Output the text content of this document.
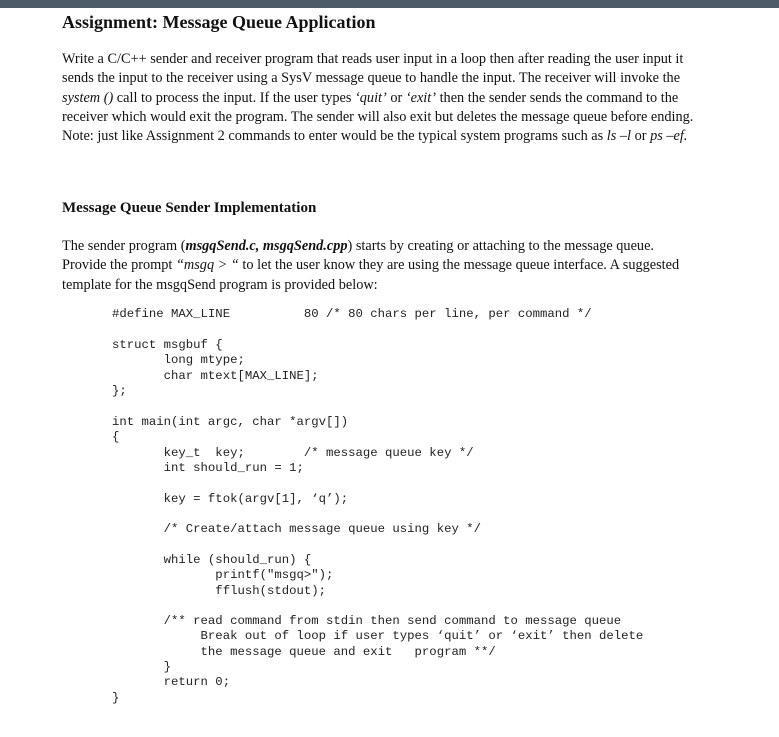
Assignment: Message Queue Application

Write a C/C++ sender and receiver program that reads user input in a loop then after reading the user input it sends the input to the receiver using a SysV message queue to handle the input. The receiver will invoke the system () call to process the input. If the user types ‘quit’ or ‘exit’ then the sender sends the command to the receiver which would exit the program. The sender will also exit but deletes the message queue before ending. Note: just like Assignment 2 commands to enter would be the typical system programs such as ls –l or ps –ef.

Message Queue Sender Implementation

The sender program (msgqSend.c, msgqSend.cpp) starts by creating or attaching to the message queue. Provide the prompt “msgq > “ to let the user know they are using the message queue interface. A suggested template for the msgqSend program is provided below:

#define MAX_LINE          80 /* 80 chars per line, per command */
struct msgbuf {
long mtype;
char mtext[MAX_LINE];
};
int main(int argc, char *argv[])
{
key_t  key;        /* message queue key */
int should_run = 1;
key = ftok(argv[1], ‘q’);
/* Create/attach message queue using key */
while (should_run) {
printf("msgq>");
fflush(stdout);
/** read command from stdin then send command to message queue
Break out of loop if user types ‘quit’ or ‘exit’ then delete
the message queue and exit   program **/
}
return 0;
}
